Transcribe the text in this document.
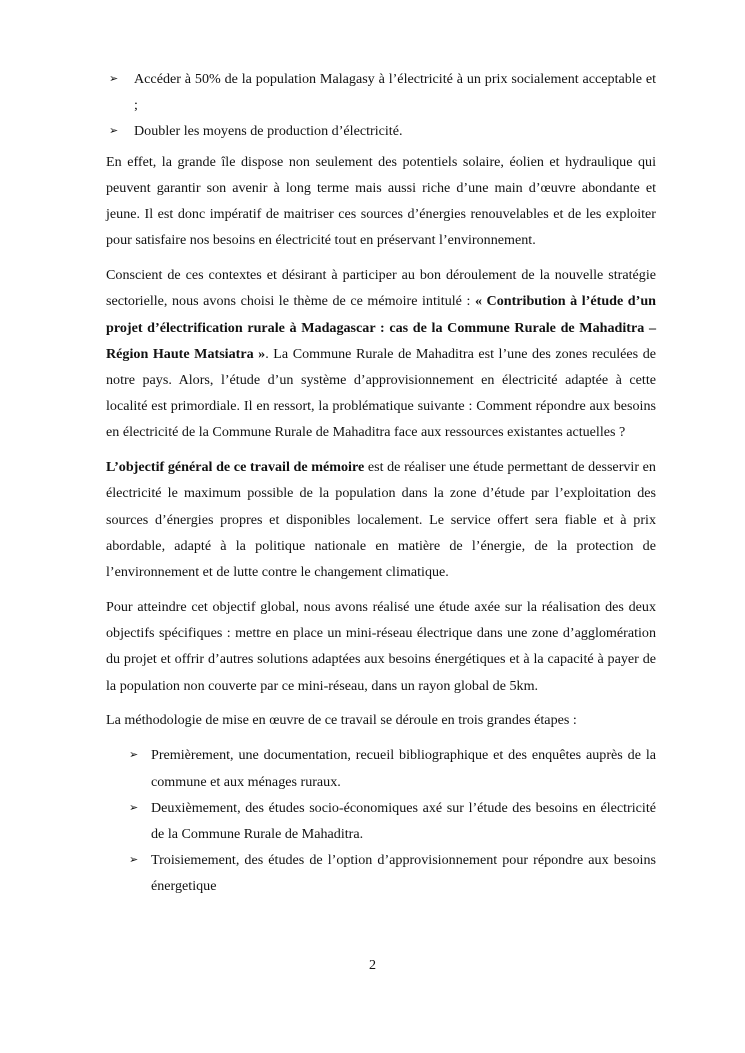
➢ Accéder à 50% de la population Malagasy à l’électricité à un prix socialement acceptable et ;
➢ Doubler les moyens de production d’électricité.

En effet, la grande île dispose non seulement des potentiels solaire, éolien et hydraulique qui peuvent garantir son avenir à long terme mais aussi riche d’une main d’œuvre abondante et jeune. Il est donc impératif de maitriser ces sources d’énergies renouvelables et de les exploiter pour satisfaire nos besoins en électricité tout en préservant l’environnement.

Conscient de ces contextes et désirant à participer au bon déroulement de la nouvelle stratégie sectorielle, nous avons choisi le thème de ce mémoire intitulé : « Contribution à l’étude d’un projet d’électrification rurale à Madagascar : cas de la Commune Rurale de Mahaditra – Région Haute Matsiatra ». La Commune Rurale de Mahaditra est l’une des zones reculées de notre pays. Alors, l’étude d’un système d’approvisionnement en électricité adaptée à cette localité est primordiale. Il en ressort, la problématique suivante : Comment répondre aux besoins en électricité de la Commune Rurale de Mahaditra face aux ressources existantes actuelles ?

L’objectif général de ce travail de mémoire est de réaliser une étude permettant de desservir en électricité le maximum possible de la population dans la zone d’étude par l’exploitation des sources d’énergies propres et disponibles localement. Le service offert sera fiable et à prix abordable, adapté à la politique nationale en matière de l’énergie, de la protection de l’environnement et de lutte contre le changement climatique.

Pour atteindre cet objectif global, nous avons réalisé une étude axée sur la réalisation des deux objectifs spécifiques : mettre en place un mini-réseau électrique dans une zone d’agglomération du projet et offrir d’autres solutions adaptées aux besoins énergétiques et à la capacité à payer de la population non couverte par ce mini-réseau, dans un rayon global de 5km.

La méthodologie de mise en œuvre de ce travail se déroule en trois grandes étapes :

➢ Premièrement, une documentation, recueil bibliographique et des enquêtes auprès de la commune et aux ménages ruraux.
➢ Deuxièmement, des études socio-économiques axé sur l’étude des besoins en électricité de la Commune Rurale de Mahaditra.
➢ Troisiemement, des études de l’option d’approvisionnement pour répondre aux besoins énergetique
2
